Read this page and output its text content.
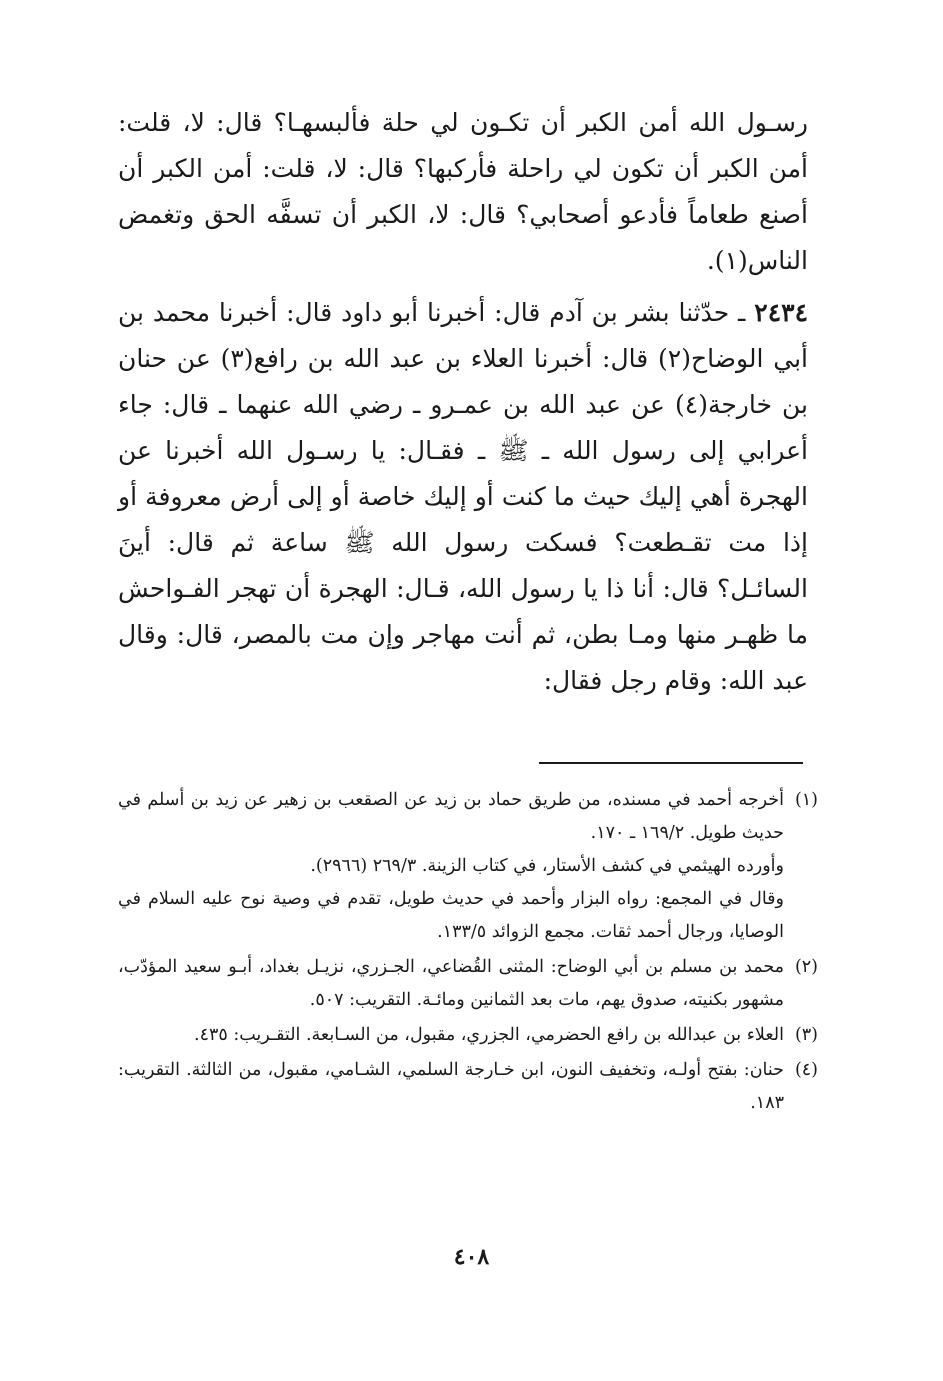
رسـول الله أمن الكبر أن تكـون لي حلة فألبسهـا؟ قال: لا، قلت: أمن الكبر أن تكون لي راحلة فأركبها؟ قال: لا، قلت: أمن الكبر أن أصنع طعاماً فأدعو أصحابي؟ قال: لا، الكبر أن تسفَّه الحق وتغمض الناس(١).

٢٤٣٤ ـ حدّثنا بشر بن آدم قال: أخبرنا أبو داود قال: أخبرنا محمد بن أبي الوضاح(٢) قال: أخبرنا العلاء بن عبد الله بن رافع(٣) عن حنان بن خارجة(٤) عن عبد الله بن عمـرو ـ رضي الله عنهما ـ قال: جاء أعرابي إلى رسول الله ـ ﷺ ـ فقـال: يا رسـول الله أخبرنا عن الهجرة أهي إليك حيث ما كنت أو إليك خاصة أو إلى أرض معروفة أو إذا مت تقـطعت؟ فسكت رسول الله ﷺ ساعة ثم قال: أينَ السائـل؟ قال: أنا ذا يا رسول الله، قـال: الهجرة أن تهجر الفـواحش ما ظهـر منها ومـا بطن، ثم أنت مهاجر وإن مت بالمصر، قال: وقال عبد الله: وقام رجل فقال:

(١)

أخرجه أحمد في مسنده، من طريق حماد بن زيد عن الصقعب بن زهير عن زيد بن أسلم في حديث طويل. ١٦٩/٢ ـ ١٧٠.

وأورده الهيثمي في كشف الأستار، في كتاب الزينة. ٢٦٩/٣ (٢٩٦٦).

وقال في المجمع: رواه البزار وأحمد في حديث طويل، تقدم في وصية نوح عليه السلام في الوصايا، ورجال أحمد ثقات. مجمع الزوائد ١٣٣/٥.

(٢)

محمد بن مسلم بن أبي الوضاح: المثنى القُضاعي، الجـزري، نزيـل بغداد، أبـو سعيد المؤدّب، مشهور بكنيته، صدوق يهم، مات بعد الثمانين ومائـة. التقريب: ٥٠٧.

(٣)

العلاء بن عبدالله بن رافع الحضرمي، الجزري، مقبول، من السـابعة. التقـريب: ٤٣٥.

(٤)

حنان: بفتح أولـه، وتخفيف النون، ابن خـارجة السلمي، الشـامي، مقبول، من الثالثة. التقريب: ١٨٣.

٤٠٨
